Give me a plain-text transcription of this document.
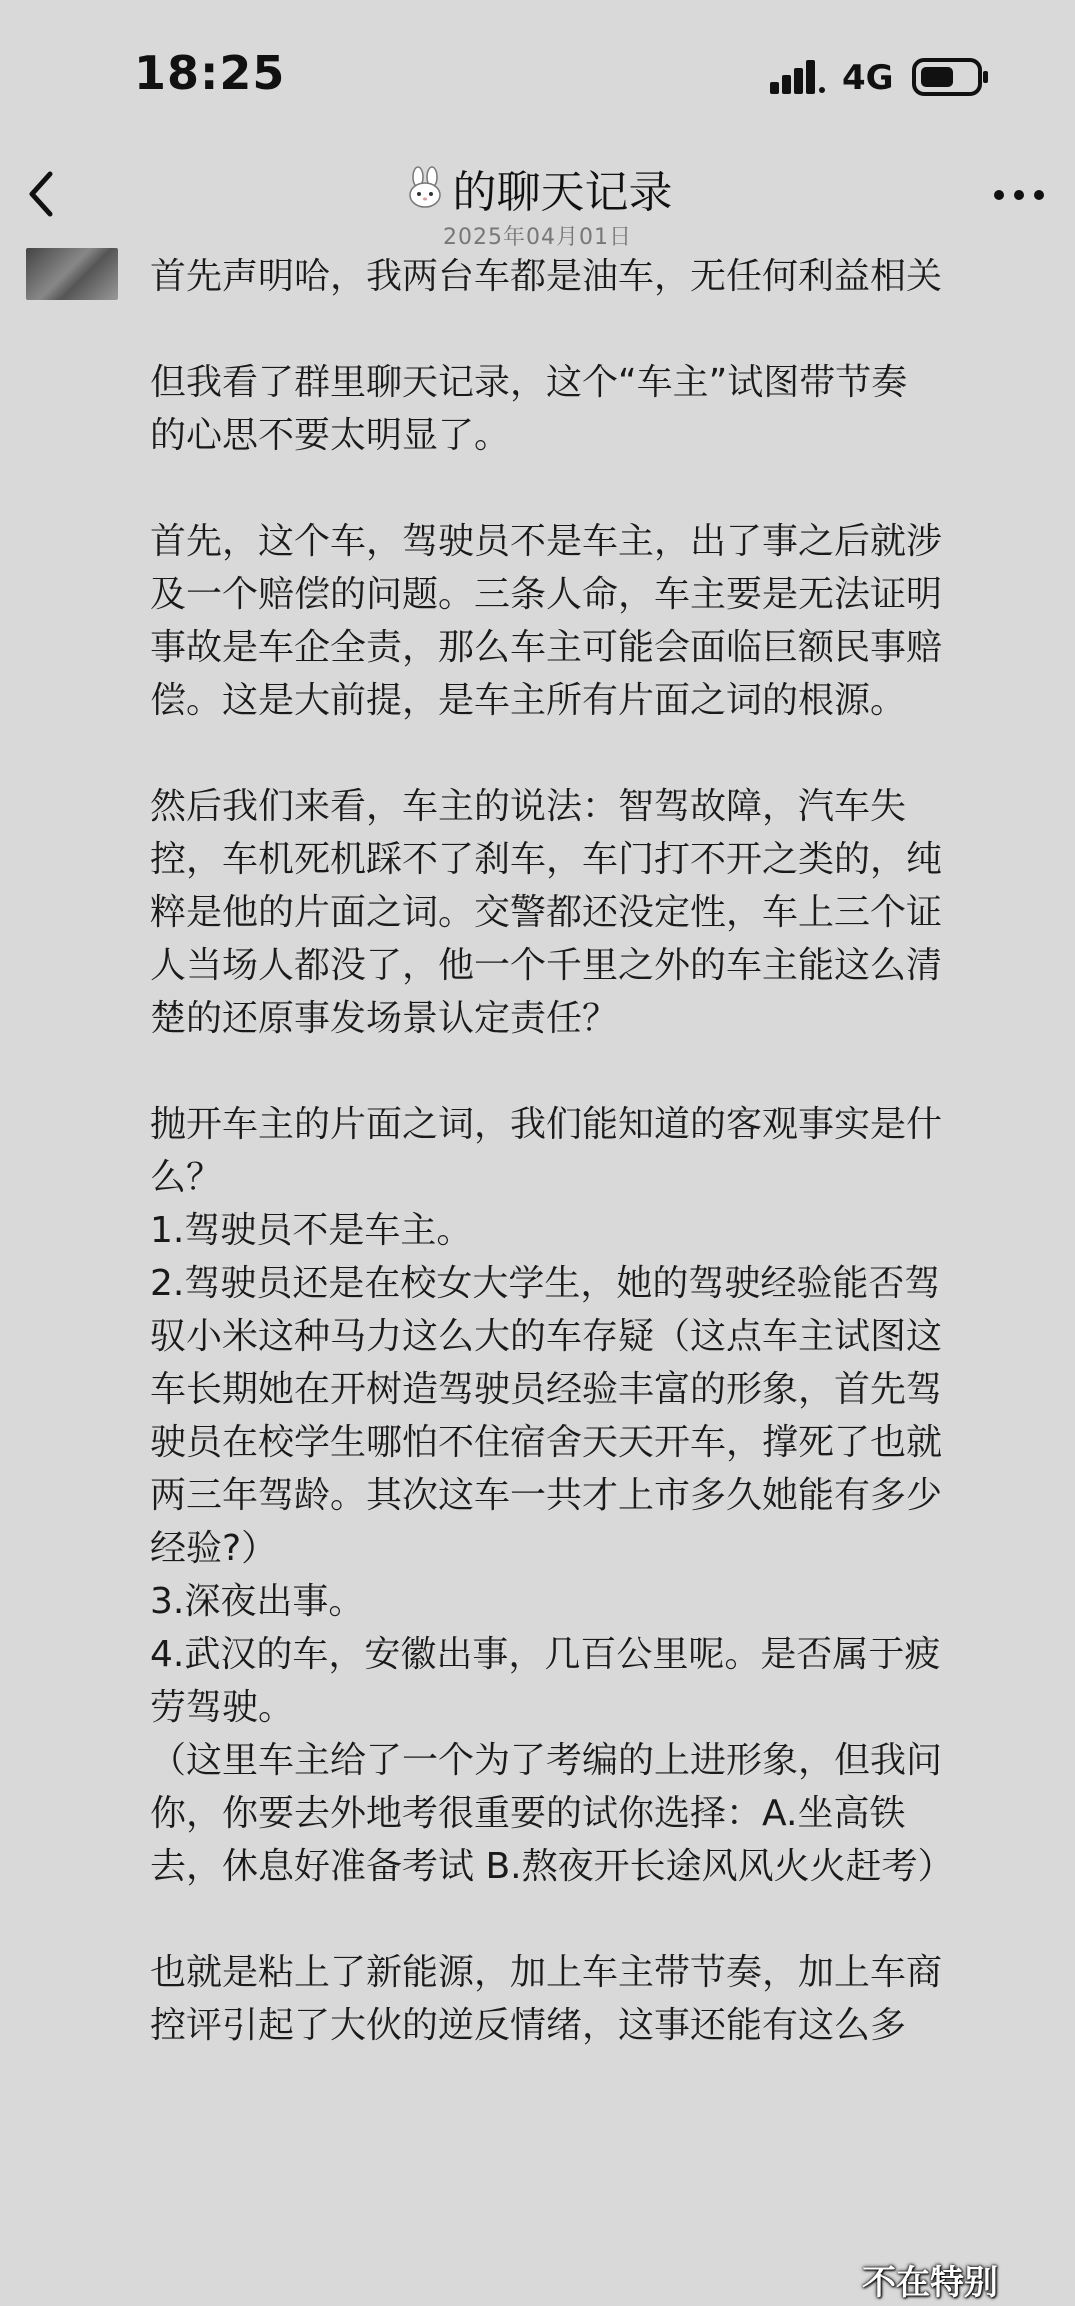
18:25	4G
的聊天记录
2025年04月01日
首先声明哈，我两台车都是油车，无任何利益相关
但我看了群里聊天记录，这个“车主”试图带节奏
的心思不要太明显了。
首先，这个车，驾驶员不是车主，出了事之后就涉
及一个赔偿的问题。三条人命，车主要是无法证明
事故是车企全责，那么车主可能会面临巨额民事赔
偿。这是大前提，是车主所有片面之词的根源。
然后我们来看，车主的说法：智驾故障，汽车失
控，车机死机踩不了刹车，车门打不开之类的，纯
粹是他的片面之词。交警都还没定性，车上三个证
人当场人都没了，他一个千里之外的车主能这么清
楚的还原事发场景认定责任？
抛开车主的片面之词，我们能知道的客观事实是什
么？
1.驾驶员不是车主。
2.驾驶员还是在校女大学生，她的驾驶经验能否驾
驭小米这种马力这么大的车存疑（这点车主试图这
车长期她在开树造驾驶员经验丰富的形象，首先驾
驶员在校学生哪怕不住宿舍天天开车，撑死了也就
两三年驾龄。其次这车一共才上市多久她能有多少
经验?）
3.深夜出事。
4.武汉的车，安徽出事，几百公里呢。是否属于疲
劳驾驶。
（这里车主给了一个为了考编的上进形象，但我问
你，你要去外地考很重要的试你选择：A.坐高铁
去，休息好准备考试 B.熬夜开长途风风火火赶考）
也就是粘上了新能源，加上车主带节奏，加上车商
控评引起了大伙的逆反情绪，这事还能有这么多
不在特别
